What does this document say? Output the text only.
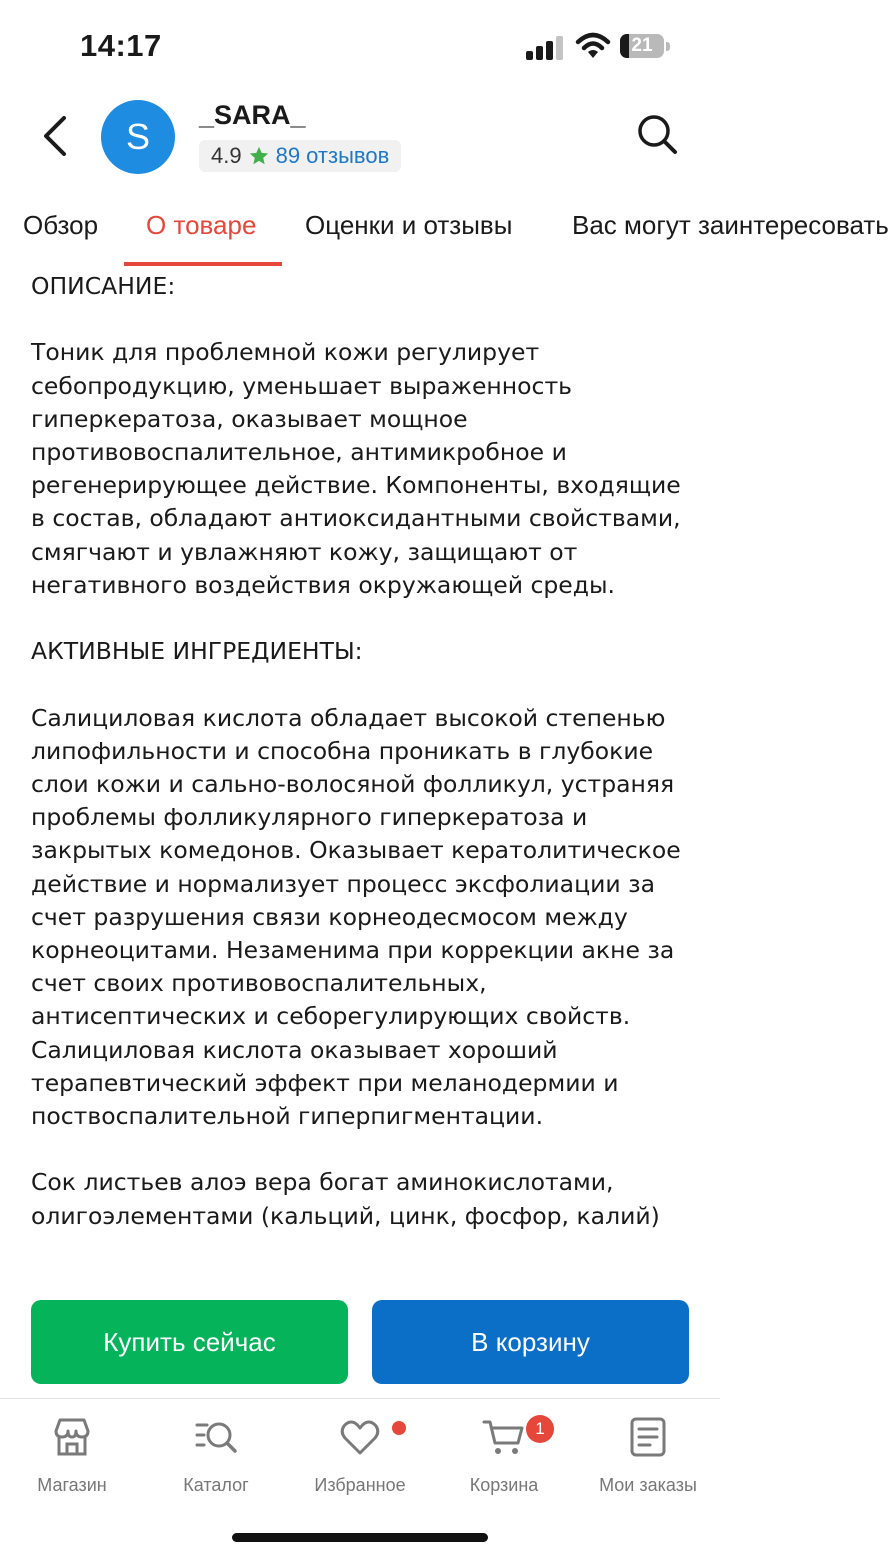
14:17	21
S
_SARA_
4.9 89 отзывов
Обзор О товаре Оценки и отзывы Вас могут заинтересовать

ОПИСАНИЕ:

Тоник для проблемной кожи регулирует себопродукцию, уменьшает выраженность гиперкератоза, оказывает мощное противовоспалительное, антимикробное и регенерирующее действие. Компоненты, входящие в состав, обладают антиоксидантными свойствами, смягчают и увлажняют кожу, защищают от негативного воздействия окружающей среды.

АКТИВНЫЕ ИНГРЕДИЕНТЫ:

Салициловая кислота обладает высокой степенью липофильности и способна проникать в глубокие слои кожи и сально-волосяной фолликул, устраняя проблемы фолликулярного гиперкератоза и закрытых комедонов. Оказывает кератолитическое действие и нормализует процесс эксфолиации за счет разрушения связи корнеодесмосом между корнеоцитами. Незаменима при коррекции акне за счет своих противовоспалительных, антисептических и себорегулирующих свойств. Салициловая кислота оказывает хороший терапевтический эффект при меланодермии и поствоспалительной гиперпигментации.

Сок листьев алоэ вера богат аминокислотами, олигоэлементами (кальций, цинк, фосфор, калий)

Купить сейчас	В корзину
Магазин	Каталог	Избранное
1
Корзина	Мои заказы
